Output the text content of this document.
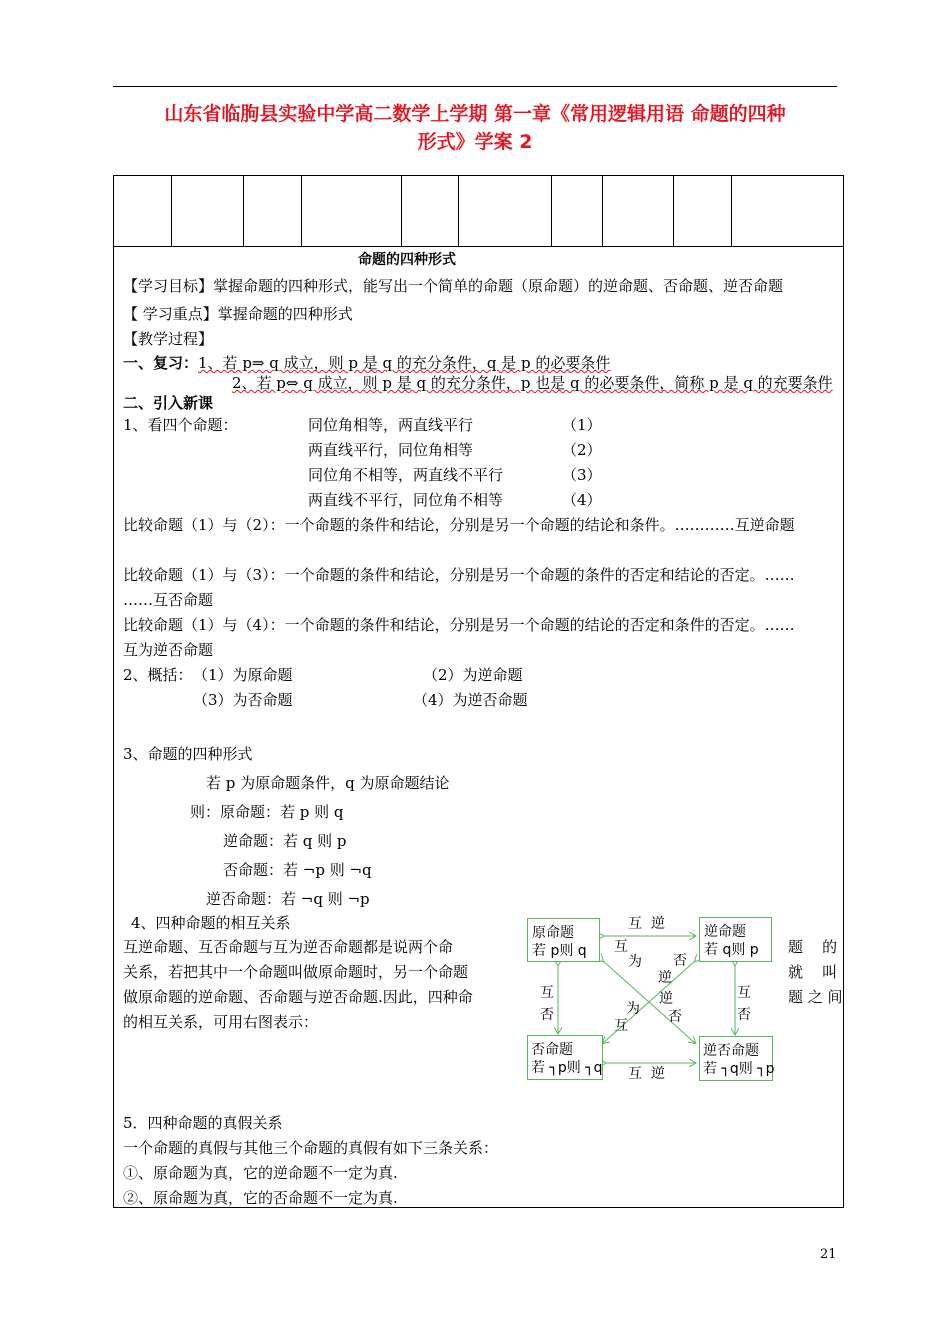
山东省临朐县实验中学高二数学上学期 第一章《常用逻辑用语 命题的四种
形式》学案 2
命题的四种形式
【学习目标】掌握命题的四种形式，能写出一个简单的命题（原命题）的逆命题、否命题、逆否命题
【 学习重点】掌握命题的四种形式
【教学过程】
一、复习：1、若 p⇒ q 成立，则 p 是 q 的充分条件，q 是 p 的必要条件
2、若 p⇔ q 成立，则 p 是 q 的充分条件，p 也是 q 的必要条件，简称 p 是 q 的充要条件
二、引入新课
1、看四个命题：	同位角相等，两直线平行	（1）
两直线平行，同位角相等	（2）
同位角不相等，两直线不平行	（3）
两直线不平行，同位角不相等	（4）
比较命题（1）与（2）：一个命题的条件和结论，分别是另一个命题的结论和条件。…………互逆命题
比较命题（1）与（3）：一个命题的条件和结论，分别是另一个命题的条件的否定和结论的否定。……
……互否命题
比较命题（1）与（4）：一个命题的条件和结论，分别是另一个命题的结论的否定和条件的否定。……
互为逆否命题
2、概括： （1）为原命题	（2）为逆命题
（3）为否命题	（4）为逆否命题
3、命题的四种形式
若 p 为原命题条件，q 为原命题结论
则：原命题：若 p 则 q
逆命题：若 q 则 p
否命题：若 ¬p 则 ¬q
逆否命题：若 ¬q 则 ¬p
4、四种命题的相互关系
互逆命题、互否命题与互为逆否命题都是说两个命
关系，若把其中一个命题叫做原命题时，另一个命题
做原命题的逆命题、否命题与逆否命题.因此，四种命
的相互关系，可用右图表示：
题    的
就    叫
题 之 间
原命题
若 p则 q
逆命题
若 q则 p
否命题
若 ┐p则 ┐q
逆否命题
若 ┐q则 ┐p
互  逆
互  逆
互
否
互
否
互
为
逆
否
否
逆
为
互
5．四种命题的真假关系
一个命题的真假与其他三个命题的真假有如下三条关系：
①、原命题为真，它的逆命题不一定为真.
②、原命题为真，它的否命题不一定为真.
21
